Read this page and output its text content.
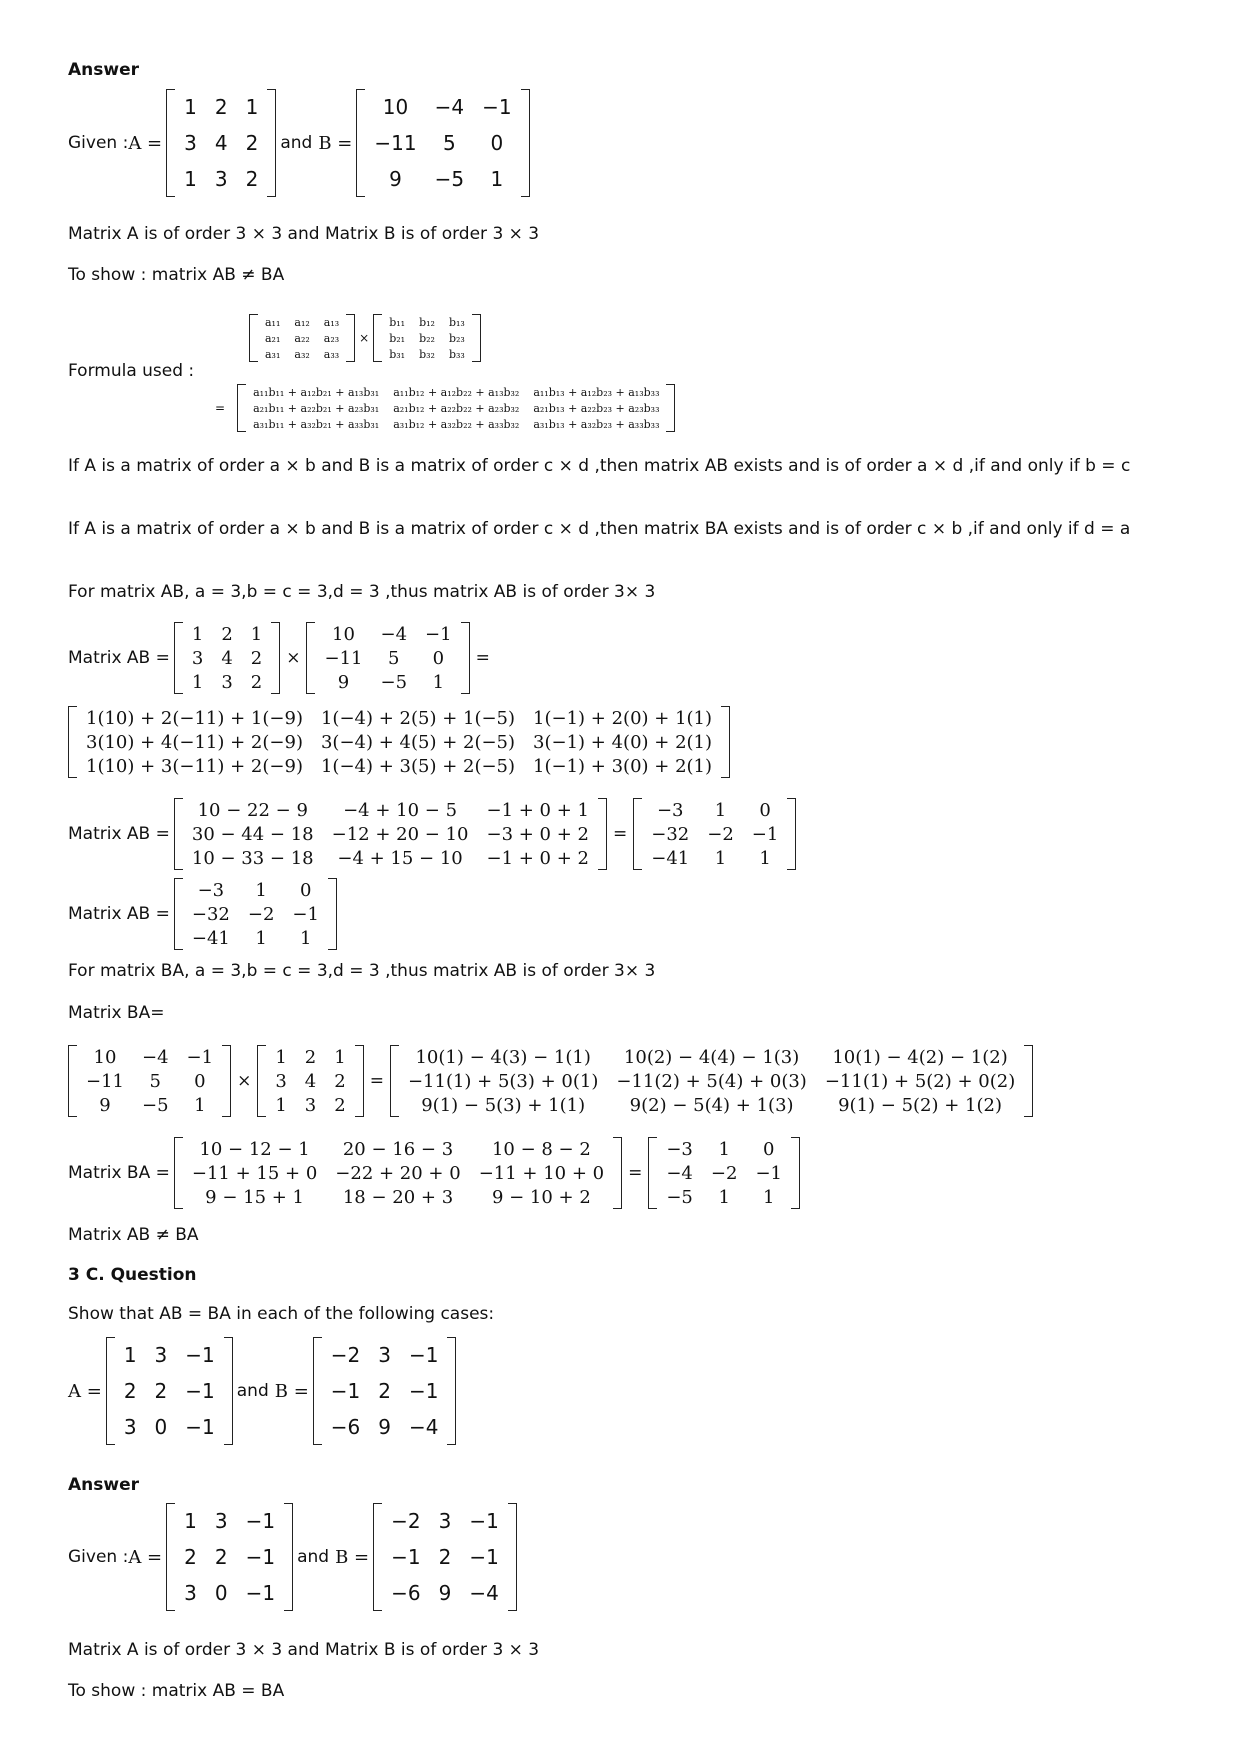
Answer
Given : A =
1	2	1
3	4	2
1	3	2
and B =
10	−4	−1
−11	5	0
9	−5	1
Matrix A is of order 3 × 3 and Matrix B is of order 3 × 3
To show : matrix AB ≠ BA
Formula used :
a₁₁	a₁₂	a₁₃
a₂₁	a₂₂	a₂₃
a₃₁	a₃₂	a₃₃
×
b₁₁	b₁₂	b₁₃
b₂₁	b₂₂	b₂₃
b₃₁	b₃₂	b₃₃
=
a₁₁b₁₁ + a₁₂b₂₁ + a₁₃b₃₁	a₁₁b₁₂ + a₁₂b₂₂ + a₁₃b₃₂	a₁₁b₁₃ + a₁₂b₂₃ + a₁₃b₃₃
a₂₁b₁₁ + a₂₂b₂₁ + a₂₃b₃₁	a₂₁b₁₂ + a₂₂b₂₂ + a₂₃b₃₂	a₂₁b₁₃ + a₂₂b₂₃ + a₂₃b₃₃
a₃₁b₁₁ + a₃₂b₂₁ + a₃₃b₃₁	a₃₁b₁₂ + a₃₂b₂₂ + a₃₃b₃₂	a₃₁b₁₃ + a₃₂b₂₃ + a₃₃b₃₃
If A is a matrix of order a × b and B is a matrix of order c × d ,then matrix AB exists and is of order a × d ,if and only if b = c
If A is a matrix of order a × b and B is a matrix of order c × d ,then matrix BA exists and is of order c × b ,if and only if d = a
For matrix AB, a = 3,b = c = 3,d = 3 ,thus matrix AB is of order 3× 3
Matrix AB =
1	2	1
3	4	2
1	3	2
×
10	−4	−1
−11	5	0
9	−5	1
=
1(10) + 2(−11) + 1(−9)	1(−4) + 2(5) + 1(−5)	1(−1) + 2(0) + 1(1)
3(10) + 4(−11) + 2(−9)	3(−4) + 4(5) + 2(−5)	3(−1) + 4(0) + 2(1)
1(10) + 3(−11) + 2(−9)	1(−4) + 3(5) + 2(−5)	1(−1) + 3(0) + 2(1)
Matrix AB =
10 − 22 − 9	−4 + 10 − 5	−1 + 0 + 1
30 − 44 − 18	−12 + 20 − 10	−3 + 0 + 2
10 − 33 − 18	−4 + 15 − 10	−1 + 0 + 2
=
−3	1	0
−32	−2	−1
−41	1	1
Matrix AB =
−3	1	0
−32	−2	−1
−41	1	1
For matrix BA, a = 3,b = c = 3,d = 3 ,thus matrix AB is of order 3× 3
Matrix BA=
10	−4	−1
−11	5	0
9	−5	1
×
1	2	1
3	4	2
1	3	2
=
10(1) − 4(3) − 1(1)	10(2) − 4(4) − 1(3)	10(1) − 4(2) − 1(2)
−11(1) + 5(3) + 0(1)	−11(2) + 5(4) + 0(3)	−11(1) + 5(2) + 0(2)
9(1) − 5(3) + 1(1)	9(2) − 5(4) + 1(3)	9(1) − 5(2) + 1(2)
Matrix BA =
10 − 12 − 1	20 − 16 − 3	10 − 8 − 2
−11 + 15 + 0	−22 + 20 + 0	−11 + 10 + 0
9 − 15 + 1	18 − 20 + 3	9 − 10 + 2
=
−3	1	0
−4	−2	−1
−5	1	1
Matrix AB ≠ BA
3 C. Question
Show that AB = BA in each of the following cases:
A =
1	3	−1
2	2	−1
3	0	−1
and B =
−2	3	−1
−1	2	−1
−6	9	−4
Answer
Given : A =
1	3	−1
2	2	−1
3	0	−1
and B =
−2	3	−1
−1	2	−1
−6	9	−4
Matrix A is of order 3 × 3 and Matrix B is of order 3 × 3
To show : matrix AB = BA
